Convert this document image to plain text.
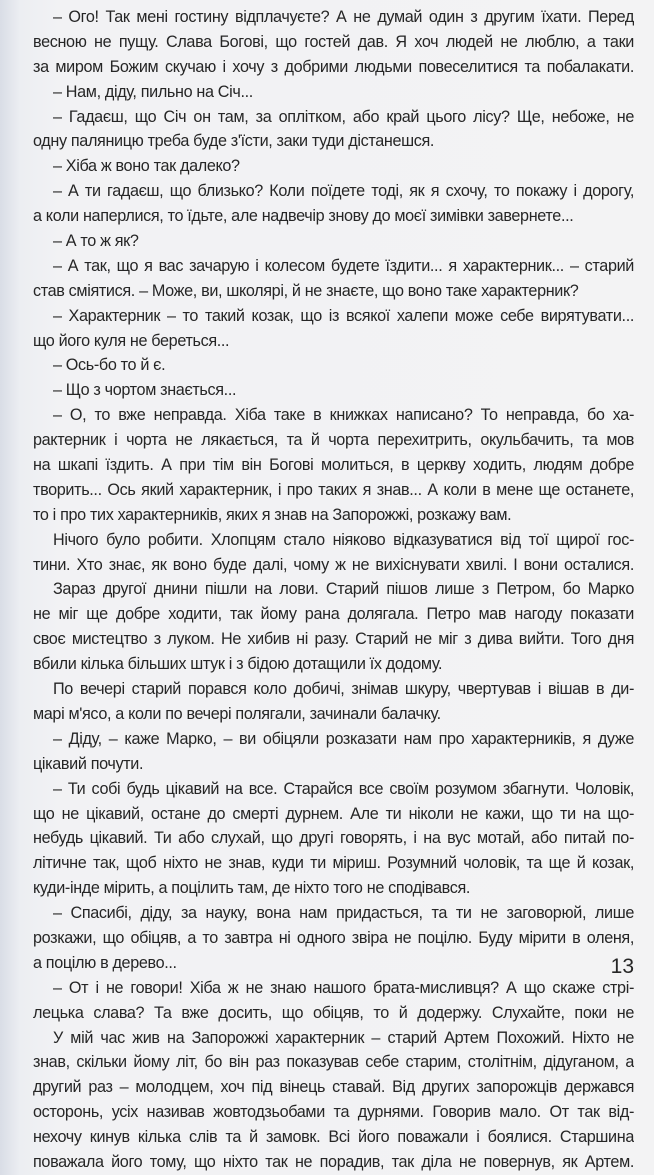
– Ого! Так мені гостину відплачуєте? А не думай один з другим їхати. Перед
весною не пущу. Слава Богові, що гостей дав. Я хоч людей не люблю, а таки
за миром Божим скучаю і хочу з добрими людьми повеселитися та побалакати.
– Нам, діду, пильно на Січ...
– Гадаєш, що Січ он там, за оплітком, або край цього лісу? Ще, небоже, не
одну паляницю треба буде з'їсти, заки туди дістанешся.
– Хіба ж воно так далеко?
– А ти гадаєш, що близько? Коли поїдете тоді, як я схочу, то покажу і дорогу,
а коли наперлися, то їдьте, але надвечір знову до моєї зимівки завернете...
– А то ж як?
– А так, що я вас зачарую і колесом будете їздити... я характерник... – старий
став сміятися. – Може, ви, школярі, й не знаєте, що воно таке характерник?
– Характерник – то такий козак, що із всякої халепи може себе вирятувати...
що його куля не береться...
– Ось-бо то й є.
– Що з чортом знається...
– О, то вже неправда. Хіба таке в книжках написано? То неправда, бо ха-
рактерник і чорта не лякається, та й чорта перехитрить, окульбачить, та мов
на шкапі їздить. А при тім він Богові молиться, в церкву ходить, людям добре
творить... Ось який характерник, і про таких я знав... А коли в мене ще останете,
то і про тих характерників, яких я знав на Запорожжі, розкажу вам.
Нічого було робити. Хлопцям стало ніяково відказуватися від тої щирої гос-
тини. Хто знає, як воно буде далі, чому ж не вихіснувати хвилі. І вони осталися.
Зараз другої днини пішли на лови. Старий пішов лише з Петром, бо Марко
не міг ще добре ходити, так йому рана долягала. Петро мав нагоду показати
своє мистецтво з луком. Не хибив ні разу. Старий не міг з дива вийти. Того дня
вбили кілька більших штук і з бідою дотащили їх додому.
По вечері старий порався коло добичі, знімав шкуру, чвертував і вішав в ди-
марі м'ясо, а коли по вечері полягали, зачинали балачку.
– Діду, – каже Марко, – ви обіцяли розказати нам про характерників, я дуже
цікавий почути.
– Ти собі будь цікавий на все. Старайся все своїм розумом збагнути. Чоловік,
що не цікавий, остане до смерті дурнем. Але ти ніколи не кажи, що ти на що-
небудь цікавий. Ти або слухай, що другі говорять, і на вус мотай, або питай по-
літичне так, щоб ніхто не знав, куди ти міриш. Розумний чоловік, та ще й козак,
куди-інде мірить, а поцілить там, де ніхто того не сподівався.
– Спасибі, діду, за науку, вона нам придасться, та ти не заговорюй, лише
розкажи, що обіцяв, а то завтра ні одного звіра не поцілю. Буду мірити в оленя,
а поцілю в дерево...
– От і не говори! Хіба ж не знаю нашого брата-мисливця? А що скаже стрі-
лецька слава? Та вже досить, що обіцяв, то й додержу. Слухайте, поки не
У мій час жив на Запорожжі характерник – старий Артем Похожий. Ніхто не
знав, скільки йому літ, бо він раз показував себе старим, столітнім, дідуганом, а
другий раз – молодцем, хоч під вінець ставай. Від других запорожців держався
осторонь, усіх називав жовтодзьобами та дурнями. Говорив мало. От так від-
нехочу кинув кілька слів та й замовк. Всі його поважали і боялися. Старшина
поважала його тому, що ніхто так не порадив, так діла не повернув, як Артем.
13
